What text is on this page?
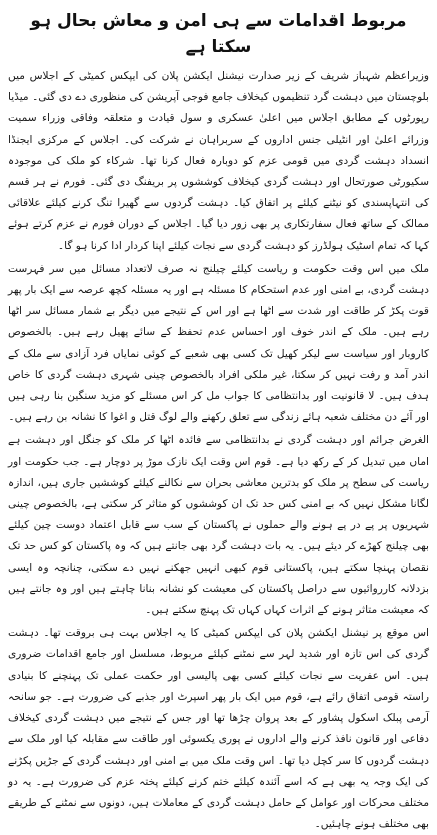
مربوط اقدامات سے ہی امن و معاش بحال ہو سکتا ہے

وزیراعظم شہباز شریف کے زیر صدارت نیشنل ایکشن پلان کی ایپکس کمیٹی کے اجلاس میں بلوچستان میں دہشت گرد تنظیموں کیخلاف جامع فوجی آپریشن کی منظوری دے دی گئی۔ میڈیا رپورٹوں کے مطابق اجلاس میں اعلیٰ عسکری و سول قیادت و متعلقہ وفاقی وزراء سمیت وزرائے اعلیٰ اور انٹیلی جنس اداروں کے سربراہان نے شرکت کی۔ اجلاس کے مرکزی ایجنڈا انسداد دہشت گردی میں قومی عزم کو دوبارہ فعال کرنا تھا۔ شرکاء کو ملک کی موجودہ سکیورٹی صورتحال اور دہشت گردی کیخلاف کوششوں پر بریفنگ دی گئی۔ فورم نے ہر قسم کی انتہاپسندی کو نیٹنے کیلئے پر اتفاق کیا۔ دہشت گردوں سے گھیرا تنگ کرنے کیلئے علاقائی ممالک کے ساتھ فعال سفارتکاری پر بھی زور دیا گیا۔ اجلاس کے دوران فورم نے عزم کرتے ہوئے کہا کہ تمام اسٹیک ہولڈرز کو دہشت گردی سے نجات کیلئے اپنا کردار ادا کرنا ہو گا۔

ملک میں اس وقت حکومت و ریاست کیلئے چیلنج نہ صرف لاتعداد مسائل میں سر فہرست دہشت گردی، بے امنی اور عدم استحکام کا مسئلہ ہے اور یہ مسئلہ کچھ عرصہ سے ایک بار پھر قوت پکڑ کر طاقت اور شدت سے اٹھا ہے اور اس کے نتیجے میں دیگر بے شمار مسائل سر اٹھا رہے ہیں۔ ملک کے اندر خوف اور احساس عدم تحفظ کے سائے پھیل رہے ہیں۔ بالخصوص کاروبار اور سیاست سے لیکر کھیل تک کسی بھی شعبے کے کوئی نمایاں فرد آزادی سے ملک کے اندر آمد و رفت نہیں کر سکتا، غیر ملکی افراد بالخصوص چینی شہری دہشت گردی کا خاص ہدف ہیں۔ لا قانونیت اور بدانتظامی کا جواب مل کر اس مسئلے کو مزید سنگین بنا رہی ہیں اور آئے دن مختلف شعبہ ہائے زندگی سے تعلق رکھنے والے لوگ قتل و اغوا کا نشانہ بن رہے ہیں۔

الغرض جرائم اور دہشت گردی نے بدانتظامی سے فائدہ اٹھا کر ملک کو جنگل اور دہشت ہے اماں میں تبدیل کر کے رکھ دیا ہے۔ قوم اس وقت ایک نازک موڑ پر دوچار ہے۔ جب حکومت اور ریاست کی سطح پر ملک کو بدترین معاشی بحران سے نکالنے کیلئے کوششیں جاری ہیں، اندازہ لگانا مشکل نہیں کہ بے امنی کس حد تک ان کوششوں کو متاثر کر سکتی ہے، بالخصوص چینی شہریوں پر پے در پے ہونے والے حملوں نے پاکستان کے سب سے قابل اعتماد دوست چین کیلئے بھی چیلنج کھڑے کر دیئے ہیں۔ یہ بات دہشت گرد بھی جانتے ہیں کہ وہ پاکستان کو کس حد تک نقصان پہنچا سکتے ہیں، پاکستانی قوم کبھی انہیں جھکنے نہیں دے سکتی، چنانچہ وہ ایسی بزدلانہ کارروائیوں سے دراصل پاکستان کی معیشت کو نشانہ بنانا چاہتے ہیں اور وہ جانتے ہیں کہ معیشت متاثر ہونے کے اثرات کہاں کہاں تک پہنچ سکتے ہیں۔

اس موقع پر نیشنل ایکشن پلان کی ایپکس کمیٹی کا یہ اجلاس بہت ہی بروقت تھا۔ دہشت گردی کی اس تازہ اور شدید لہر سے نمٹنے کیلئے مربوط، مسلسل اور جامع اقدامات ضروری ہیں۔ اس عفریت سے نجات کیلئے کسی بھی پالیسی اور حکمت عملی تک پہنچنے کا بنیادی راستہ قومی اتفاق رائے ہے، قوم میں ایک بار پھر اسپرٹ اور جذبے کی ضرورت ہے۔ جو سانحہ آرمی پبلک اسکول پشاور کے بعد پروان چڑھا تھا اور جس کے نتیجے میں دہشت گردی کیخلاف دفاعی اور قانون نافذ کرنے والے اداروں نے پوری یکسوئی اور طاقت سے مقابلہ کیا اور ملک سے دہشت گردوں کا سر کچل دیا تھا۔ اس وقت ملک میں بے امنی اور دہشت گردی کے جڑیں پکڑنے کی ایک وجہ یہ بھی ہے کہ اسے آئندہ کیلئے ختم کرنے کیلئے پختہ عزم کی ضرورت ہے۔ یہ دو مختلف محرکات اور عوامل کے حامل دہشت گردی کے معاملات ہیں، دونوں سے نمٹنے کے طریقے بھی مختلف ہونے چاہئیں۔
